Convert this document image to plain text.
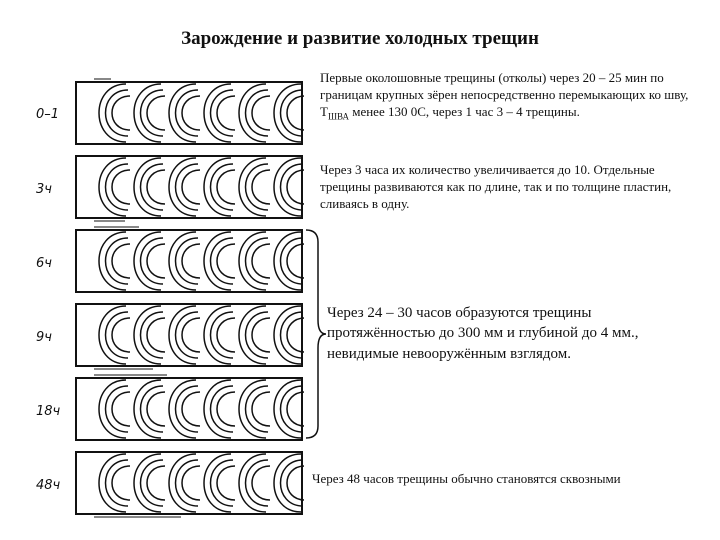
Зарождение и развитие холодных трещин
0–1
3ч
6ч
9ч
18ч
48ч
Первые околошовные трещины (отколы) через 20 – 25 мин по границам крупных зёрен непосредственно перемыкающих ко шву, $Т_{ШВА}$ менее 130 0С, через 1 час 3 – 4 трещины.
Через 3 часа их количество увеличивается до 10. Отдельные трещины развиваются как по длине, так и по толщине пластин, сливаясь в одну.
Через 24 – 30 часов образуются трещины протяжённостью до 300 мм и глубиной до 4 мм., невидимые невооружённым взглядом.
Через 48 часов трещины обычно становятся сквозными
